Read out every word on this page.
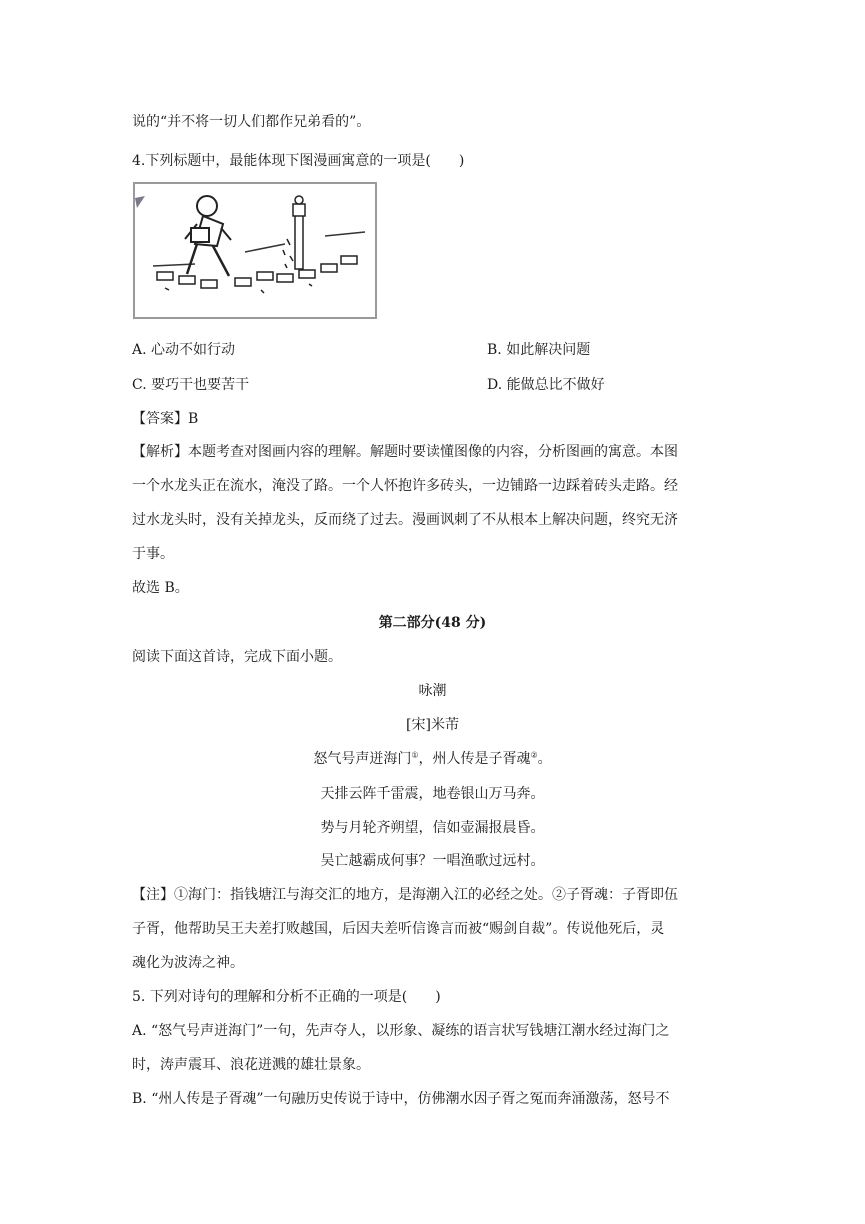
说的“并不将一切人们都作兄弟看的”。
4.下列标题中，最能体现下图漫画寓意的一项是(　　)
A. 心动不如行动	B. 如此解决问题
C. 要巧干也要苦干	D. 能做总比不做好
【答案】B
【解析】本题考查对图画内容的理解。解题时要读懂图像的内容，分析图画的寓意。本图
一个水龙头正在流水，淹没了路。一个人怀抱许多砖头，一边铺路一边踩着砖头走路。经
过水龙头时，没有关掉龙头，反而绕了过去。漫画讽刺了不从根本上解决问题，终究无济
于事。
故选 B。
第二部分(48 分)
阅读下面这首诗，完成下面小题。
咏潮
[宋]米芾
怒气号声迸海门①，州人传是子胥魂②。
天排云阵千雷震，地卷银山万马奔。
势与月轮齐朔望，信如壶漏报晨昏。
吴亡越霸成何事？一唱渔歌过远村。
【注】①海门：指钱塘江与海交汇的地方，是海潮入江的必经之处。②子胥魂：子胥即伍
子胥，他帮助吴王夫差打败越国，后因夫差听信谗言而被“赐剑自裁”。传说他死后，灵
魂化为波涛之神。
5. 下列对诗句的理解和分析不正确的一项是(　　)
A. “怒气号声迸海门”一句，先声夺人，以形象、凝练的语言状写钱塘江潮水经过海门之
时，涛声震耳、浪花迸溅的雄壮景象。
B. “州人传是子胥魂”一句融历史传说于诗中，仿佛潮水因子胥之冤而奔涌激荡，怒号不
